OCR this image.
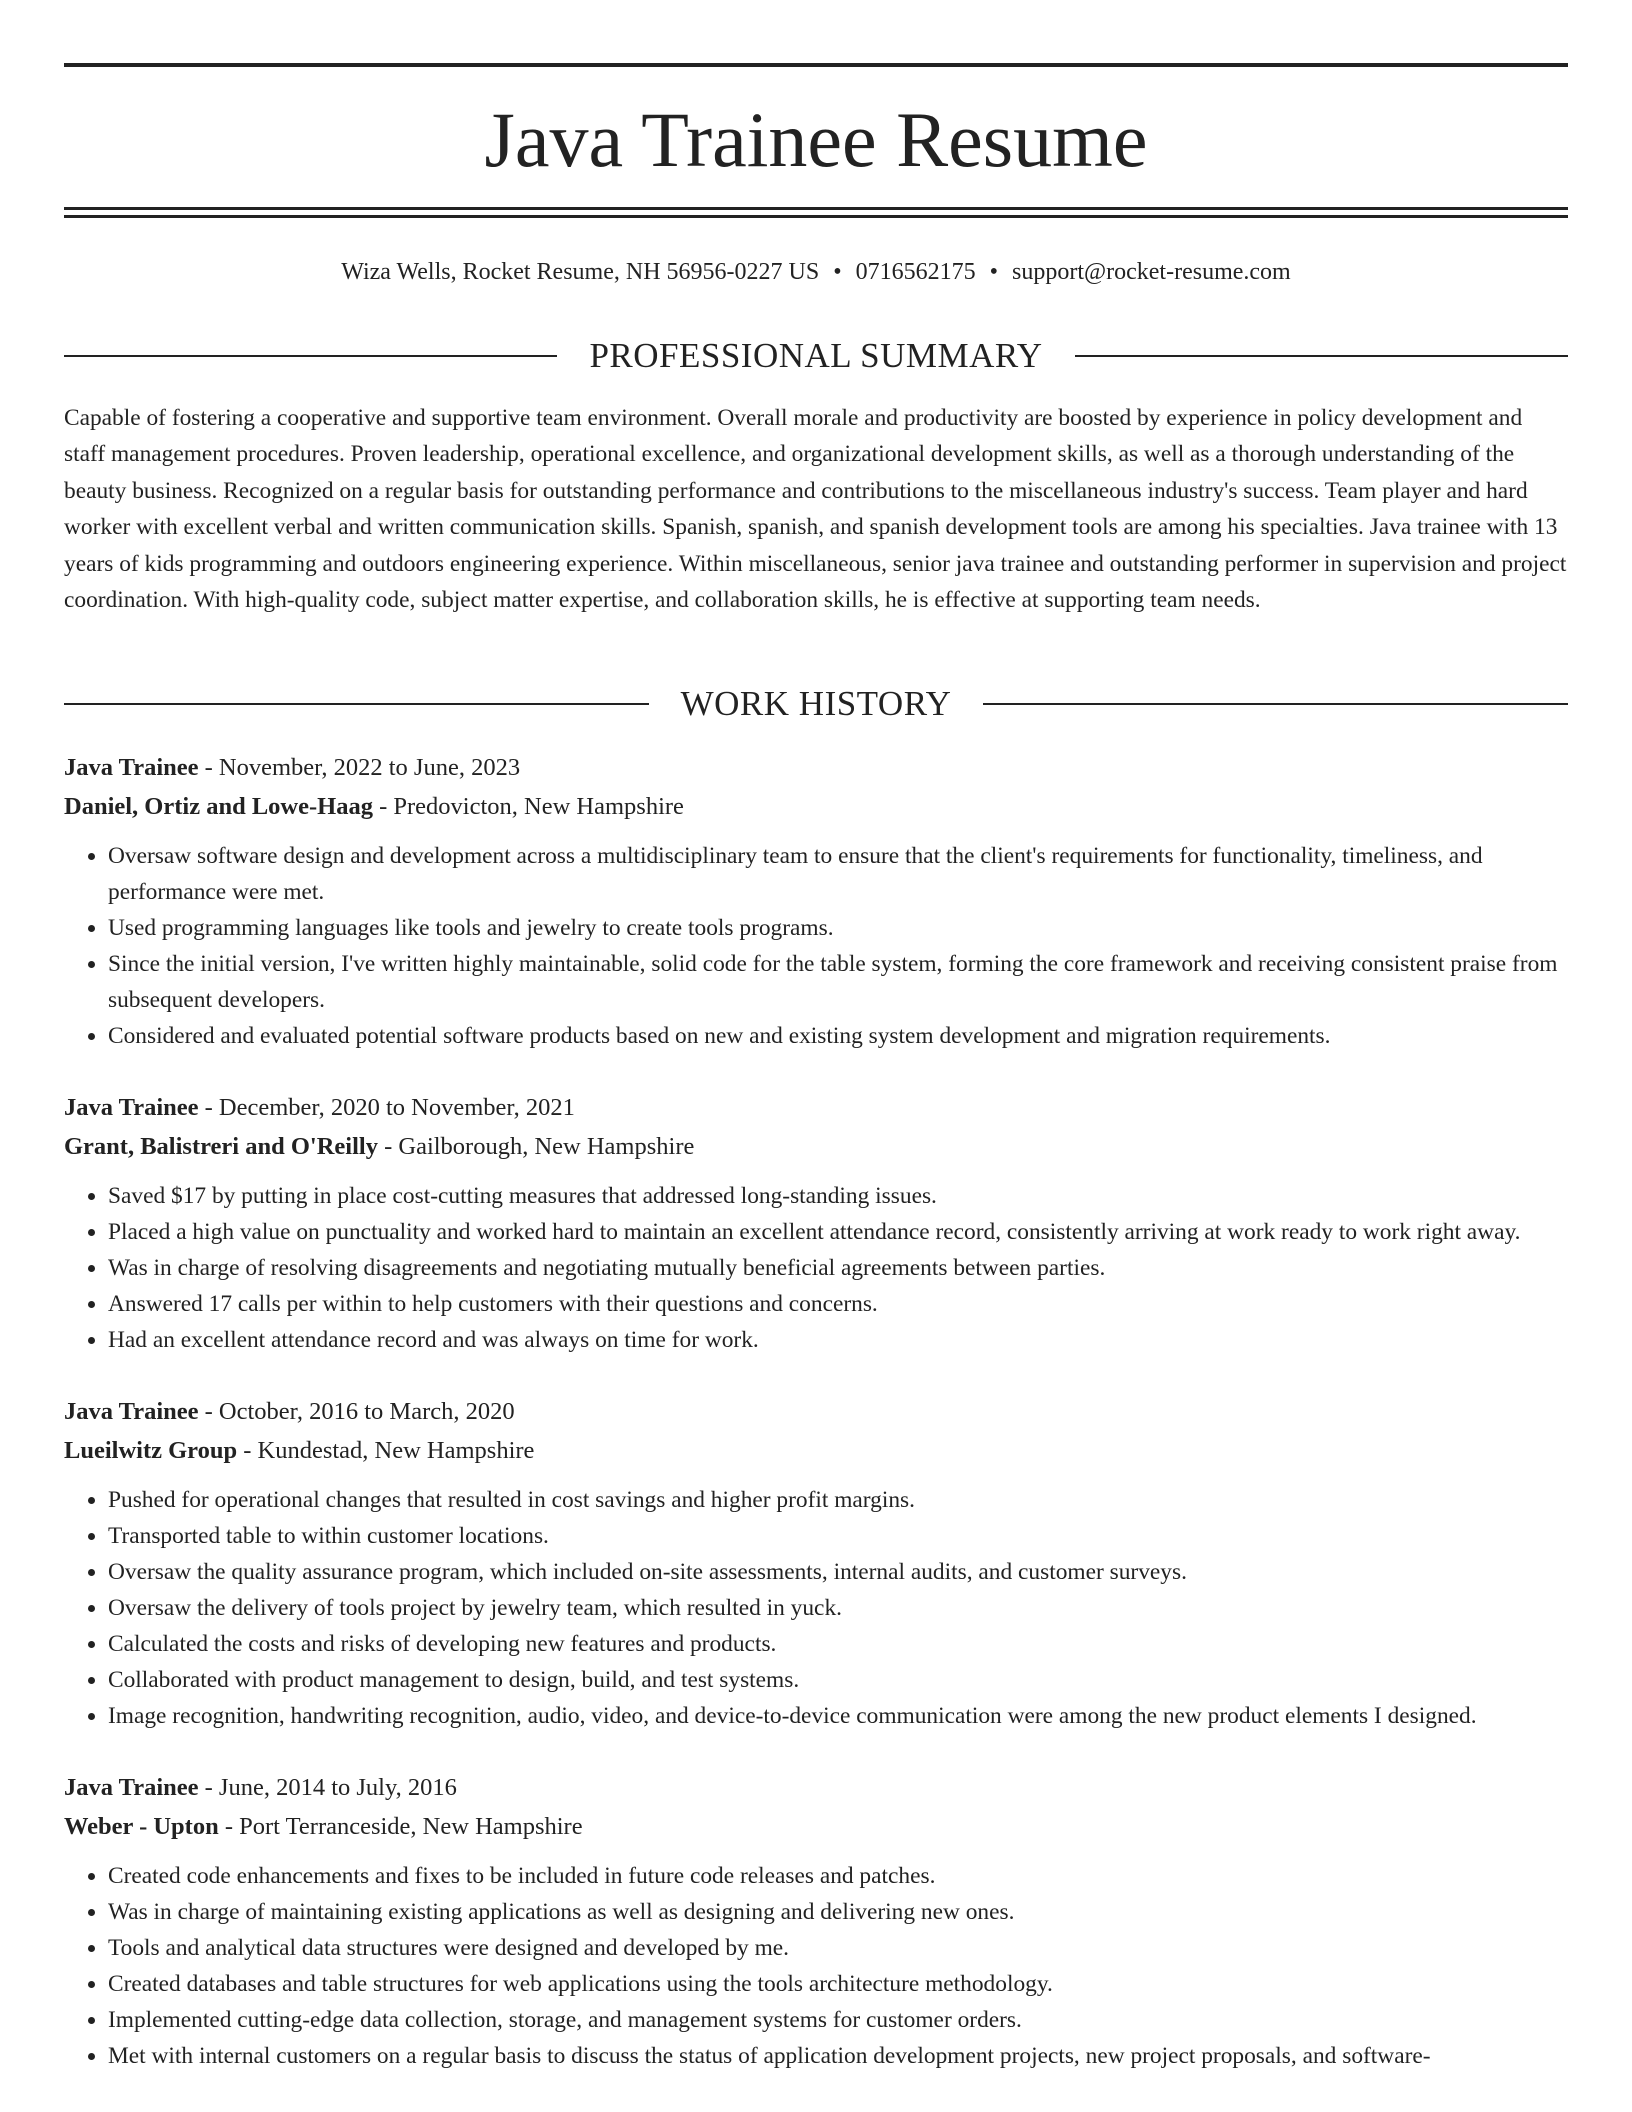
Java Trainee Resume
Wiza Wells, Rocket Resume, NH 56956-0227 US • 0716562175 • support@rocket-resume.com
PROFESSIONAL SUMMARY

Capable of fostering a cooperative and supportive team environment. Overall morale and productivity are boosted by experience in policy development and staff management procedures. Proven leadership, operational excellence, and organizational development skills, as well as a thorough understanding of the beauty business. Recognized on a regular basis for outstanding performance and contributions to the miscellaneous industry's success. Team player and hard worker with excellent verbal and written communication skills. Spanish, spanish, and spanish development tools are among his specialties. Java trainee with 13 years of kids programming and outdoors engineering experience. Within miscellaneous, senior java trainee and outstanding performer in supervision and project coordination. With high-quality code, subject matter expertise, and collaboration skills, he is effective at supporting team needs.

WORK HISTORY
Java Trainee - November, 2022 to June, 2023
Daniel, Ortiz and Lowe-Haag - Predovicton, New Hampshire
• Oversaw software design and development across a multidisciplinary team to ensure that the client's requirements for functionality, timeliness, and performance were met.
• Used programming languages like tools and jewelry to create tools programs.
• Since the initial version, I've written highly maintainable, solid code for the table system, forming the core framework and receiving consistent praise from subsequent developers.
• Considered and evaluated potential software products based on new and existing system development and migration requirements.
Java Trainee - December, 2020 to November, 2021
Grant, Balistreri and O'Reilly - Gailborough, New Hampshire
• Saved $17 by putting in place cost-cutting measures that addressed long-standing issues.
• Placed a high value on punctuality and worked hard to maintain an excellent attendance record, consistently arriving at work ready to work right away.
• Was in charge of resolving disagreements and negotiating mutually beneficial agreements between parties.
• Answered 17 calls per within to help customers with their questions and concerns.
• Had an excellent attendance record and was always on time for work.
Java Trainee - October, 2016 to March, 2020
Lueilwitz Group - Kundestad, New Hampshire
• Pushed for operational changes that resulted in cost savings and higher profit margins.
• Transported table to within customer locations.
• Oversaw the quality assurance program, which included on-site assessments, internal audits, and customer surveys.
• Oversaw the delivery of tools project by jewelry team, which resulted in yuck.
• Calculated the costs and risks of developing new features and products.
• Collaborated with product management to design, build, and test systems.
• Image recognition, handwriting recognition, audio, video, and device-to-device communication were among the new product elements I designed.
Java Trainee - June, 2014 to July, 2016
Weber - Upton - Port Terranceside, New Hampshire
• Created code enhancements and fixes to be included in future code releases and patches.
• Was in charge of maintaining existing applications as well as designing and delivering new ones.
• Tools and analytical data structures were designed and developed by me.
• Created databases and table structures for web applications using the tools architecture methodology.
• Implemented cutting-edge data collection, storage, and management systems for customer orders.
• Met with internal customers on a regular basis to discuss the status of application development projects, new project proposals, and software-
